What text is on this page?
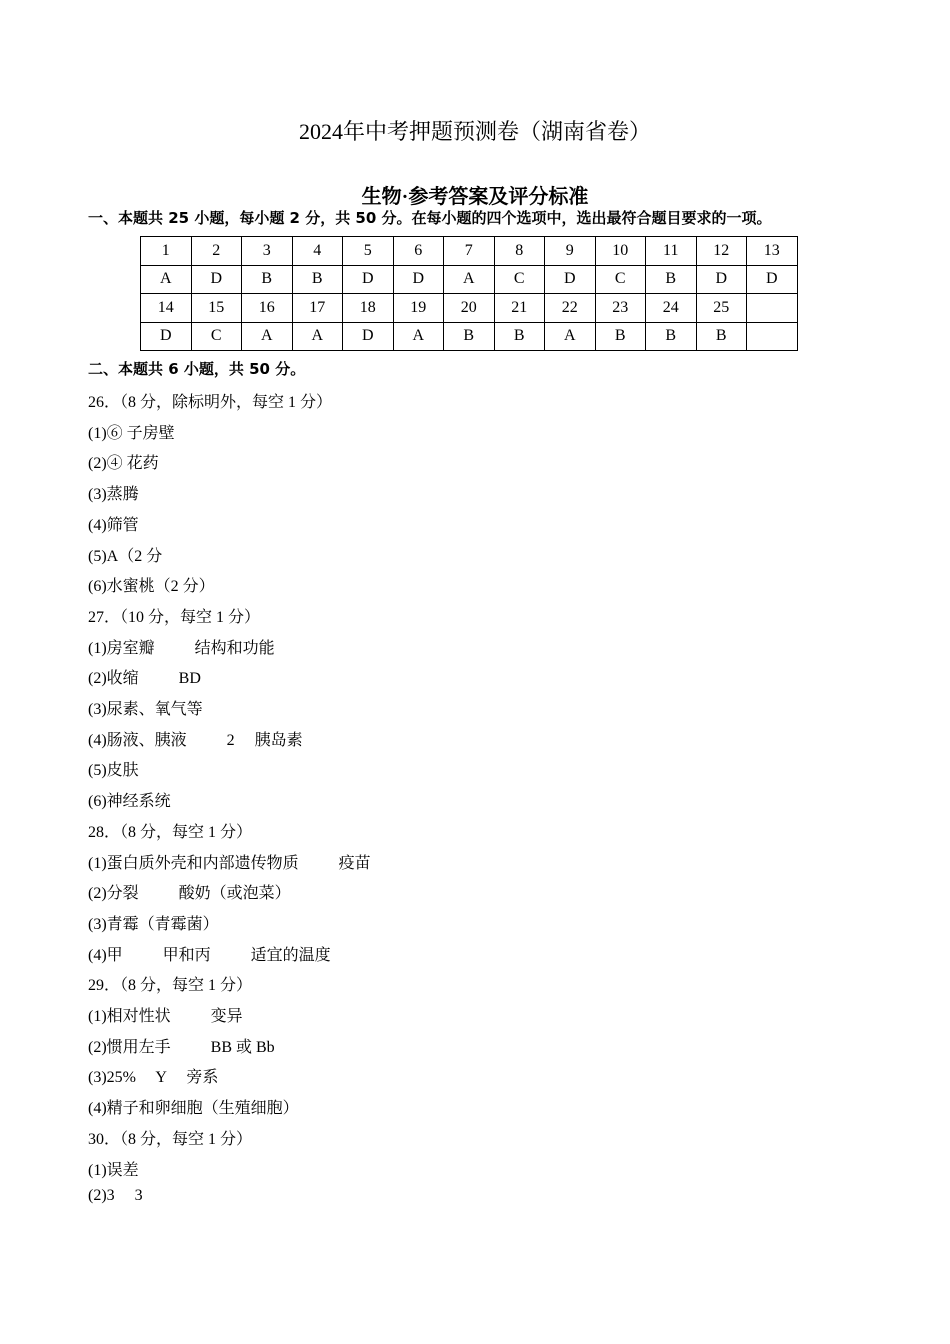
2024年中考押题预测卷（湖南省卷）
生物·参考答案及评分标准
一、本题共 25 小题，每小题 2 分，共 50 分。在每小题的四个选项中，选出最符合题目要求的一项。
1	2	3	4	5	6	7	8	9	10	11	12	13
A	D	B	B	D	D	A	C	D	C	B	D	D
14	15	16	17	18	19	20	21	22	23	24	25	
D	C	A	A	D	A	B	B	A	B	B	B	
二、本题共 6 小题，共 50 分。
26．（8 分，除标明外，每空 1 分）
(1)⑥ 子房壁
(2)④ 花药
(3)蒸腾
(4)筛管
(5)A（2 分
(6)水蜜桃（2 分）
27．（10 分，每空 1 分）
(1)房室瓣          结构和功能
(2)收缩          BD
(3)尿素、氧气等
(4)肠液、胰液          2     胰岛素
(5)皮肤
(6)神经系统
28．（8 分，每空 1 分）
(1)蛋白质外壳和内部遗传物质          疫苗
(2)分裂          酸奶（或泡菜）
(3)青霉（青霉菌）
(4)甲          甲和丙          适宜的温度
29．（8 分，每空 1 分）
(1)相对性状          变异
(2)惯用左手          BB 或 Bb
(3)25%     Y     旁系
(4)精子和卵细胞（生殖细胞）
30．（8 分，每空 1 分）
(1)误差
(2)3     3
